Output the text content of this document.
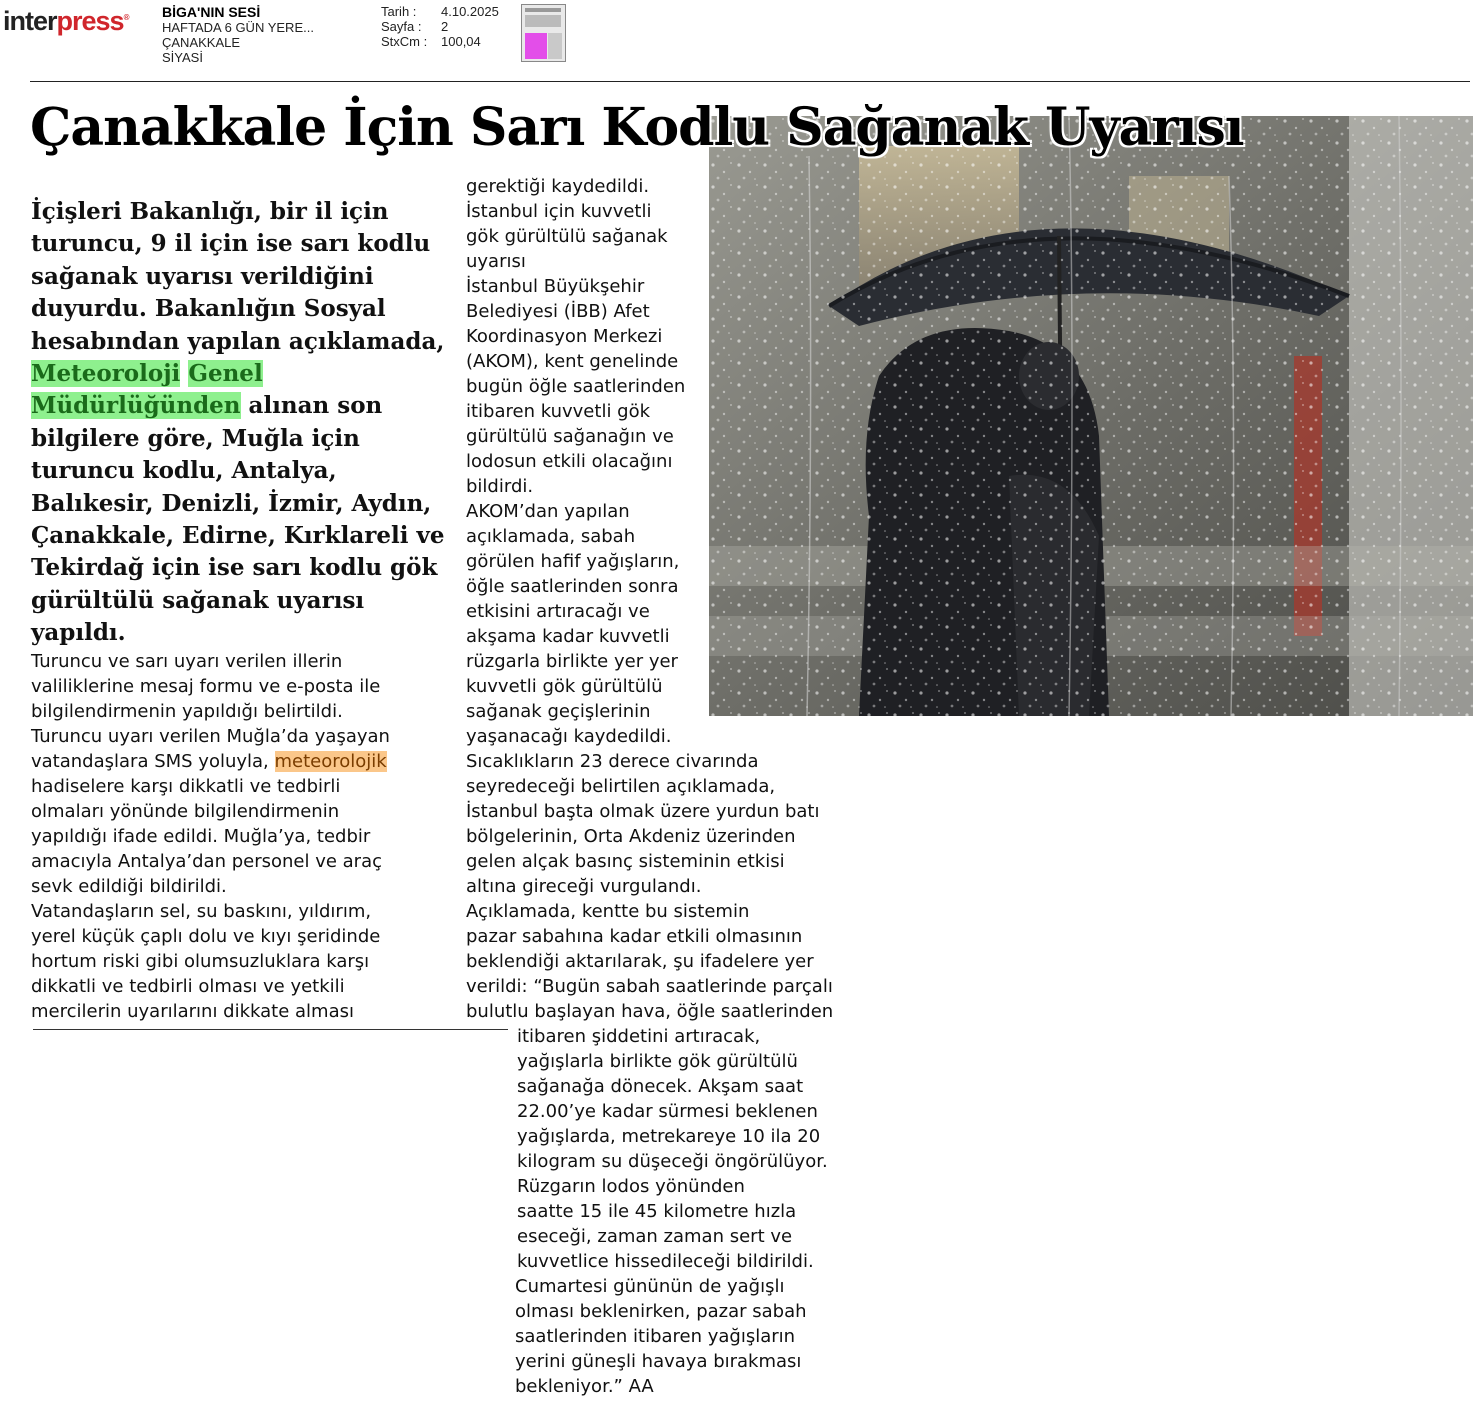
interpress® BİGA'NIN SESİ
HAFTADA 6 GÜN YERE...
ÇANAKKALE
SİYASİ
Tarih : 4.10.2025
Sayfa : 2
StxCm : 100,04
Çanakkale İçin Sarı Kodlu Sağanak Uyarısı
İçişleri Bakanlığı, bir il için turuncu, 9 il için ise sarı kodlu sağanak uyarısı verildiğini duyurdu. Bakanlığın Sosyal hesabından yapılan açıklamada, Meteoroloji Genel Müdürlüğünden alınan son bilgilere göre, Muğla için turuncu kodlu, Antalya, Balıkesir, Denizli, İzmir, Aydın, Çanakkale, Edirne, Kırklareli ve Tekirdağ için ise sarı kodlu gök gürültülü sağanak uyarısı yapıldı.
Turuncu ve sarı uyarı verilen illerin
valiliklerine mesaj formu ve e-posta ile
bilgilendirmenin yapıldığı belirtildi.
Turuncu uyarı verilen Muğla’da yaşayan
vatandaşlara SMS yoluyla, meteorolojik
hadiselere karşı dikkatli ve tedbirli
olmaları yönünde bilgilendirmenin
yapıldığı ifade edildi. Muğla’ya, tedbir
amacıyla Antalya’dan personel ve araç
sevk edildiği bildirildi.
Vatandaşların sel, su baskını, yıldırım,
yerel küçük çaplı dolu ve kıyı şeridinde
hortum riski gibi olumsuzluklara karşı
dikkatli ve tedbirli olması ve yetkili
mercilerin uyarılarını dikkate alması
gerektiği kaydedildi.
İstanbul için kuvvetli
gök gürültülü sağanak
uyarısı
İstanbul Büyükşehir
Belediyesi (İBB) Afet
Koordinasyon Merkezi
(AKOM), kent genelinde
bugün öğle saatlerinden
itibaren kuvvetli gök
gürültülü sağanağın ve
lodosun etkili olacağını
bildirdi.
AKOM’dan yapılan
açıklamada, sabah
görülen hafif yağışların,
öğle saatlerinden sonra
etkisini artıracağı ve
akşama kadar kuvvetli
rüzgarla birlikte yer yer
kuvvetli gök gürültülü
sağanak geçişlerinin
yaşanacağı kaydedildi.
Sıcaklıkların 23 derece civarında
seyredeceği belirtilen açıklamada,
İstanbul başta olmak üzere yurdun batı
bölgelerinin, Orta Akdeniz üzerinden
gelen alçak basınç sisteminin etkisi
altına gireceği vurgulandı.
Açıklamada, kentte bu sistemin
pazar sabahına kadar etkili olmasının
beklendiği aktarılarak, şu ifadelere yer
verildi: “Bugün sabah saatlerinde parçalı
bulutlu başlayan hava, öğle saatlerinden
itibaren şiddetini artıracak,
yağışlarla birlikte gök gürültülü
sağanağa dönecek. Akşam saat
22.00’ye kadar sürmesi beklenen
yağışlarda, metrekareye 10 ila 20
kilogram su düşeceği öngörülüyor.
Rüzgarın lodos yönünden
saatte 15 ile 45 kilometre hızla
eseceği, zaman zaman sert ve
kuvvetlice hissedileceği bildirildi.
Cumartesi gününün de yağışlı
olması beklenirken, pazar sabah
saatlerinden itibaren yağışların
yerini güneşli havaya bırakması
bekleniyor.” AA
